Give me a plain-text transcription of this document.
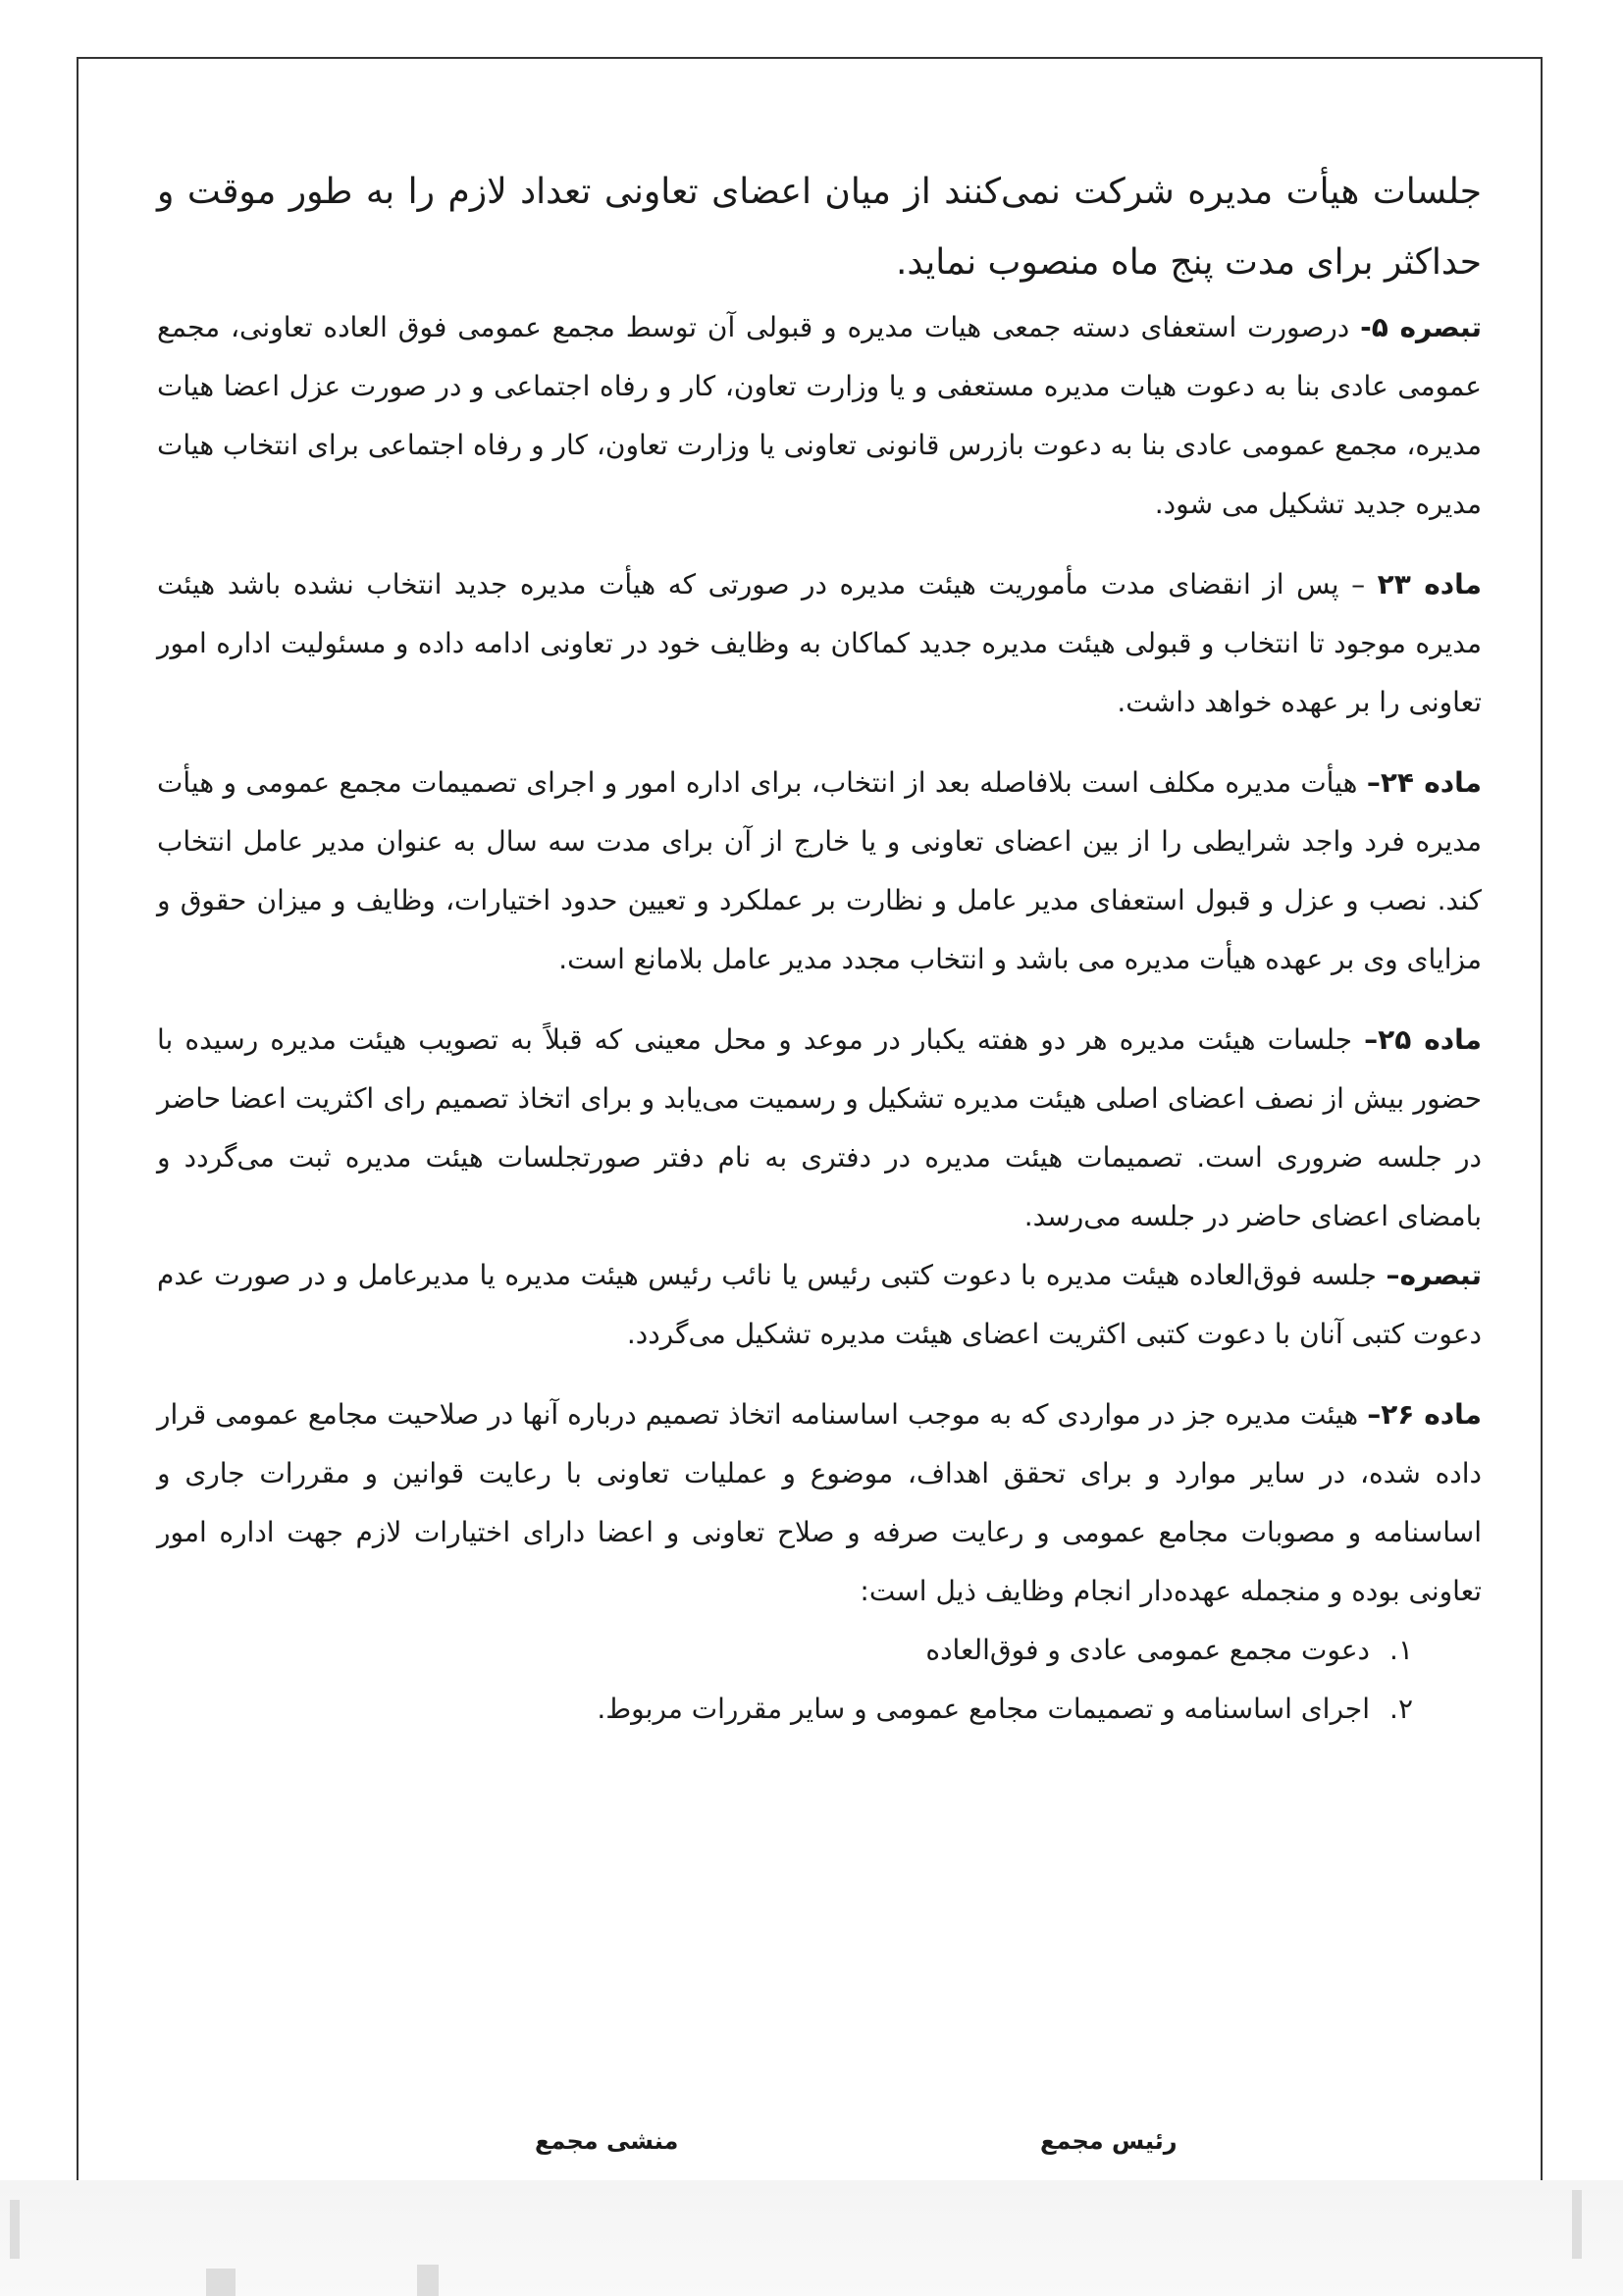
جلسات هیأت مدیره شرکت نمی‌کنند از میان اعضای تعاونی تعداد لازم را به طور موقت و حداکثر برای مدت پنج ماه منصوب نماید.

تبصره ۵- درصورت استعفای دسته جمعی هیات مدیره و قبولی آن توسط مجمع عمومی فوق العاده تعاونی، مجمع عمومی عادی بنا به دعوت هیات مدیره مستعفی و یا وزارت تعاون، کار و رفاه اجتماعی و در صورت عزل اعضا هیات مدیره، مجمع عمومی عادی بنا به دعوت بازرس قانونی تعاونی یا وزارت تعاون، کار و رفاه اجتماعی برای انتخاب هیات مدیره جدید تشکیل می شود.

ماده ۲۳ – پس از انقضای مدت مأموریت هیئت مدیره در صورتی که هیأت مدیره جدید انتخاب نشده باشد هیئت مدیره موجود تا انتخاب و قبولی هیئت مدیره جدید کماکان به وظایف خود در تعاونی ادامه داده و مسئولیت اداره امور تعاونی را بر عهده خواهد داشت.

ماده ۲۴– هیأت مدیره مکلف است بلافاصله بعد از انتخاب، برای اداره امور و اجرای تصمیمات مجمع عمومی و هیأت مدیره فرد واجد شرایطی را از بین اعضای تعاونی و یا خارج از آن برای مدت سه سال به عنوان مدیر عامل انتخاب کند. نصب و عزل و قبول استعفای مدیر عامل و نظارت بر عملکرد و تعیین حدود اختیارات، وظایف و میزان حقوق و مزایای وی بر عهده هیأت مدیره می باشد و انتخاب مجدد مدیر عامل بلامانع است.

ماده ۲۵– جلسات هیئت مدیره هر دو هفته یکبار در موعد و محل معینی که قبلاً به تصویب هیئت مدیره رسیده با حضور بیش از نصف اعضای اصلی هیئت مدیره تشکیل و رسمیت می‌یابد و برای اتخاذ تصمیم رای اکثریت اعضا حاضر در جلسه ضروری است. تصمیمات هیئت مدیره در دفتری به نام دفتر صورتجلسات هیئت مدیره ثبت می‌گردد و بامضای اعضای حاضر در جلسه می‌رسد.

تبصره– جلسه فوق‌العاده هیئت مدیره با دعوت کتبی رئیس یا نائب رئیس هیئت مدیره یا مدیرعامل و در صورت عدم دعوت کتبی آنان با دعوت کتبی اکثریت اعضای هیئت مدیره تشکیل می‌گردد.

ماده ۲۶– هیئت مدیره جز در مواردی که به موجب اساسنامه اتخاذ تصمیم درباره آنها در صلاحیت مجامع عمومی قرار داده شده، در سایر موارد و برای تحقق اهداف، موضوع و عملیات تعاونی با رعایت قوانین و مقررات جاری و اساسنامه و مصوبات مجامع عمومی و رعایت صرفه و صلاح تعاونی و اعضا دارای اختیارات لازم جهت اداره امور تعاونی بوده و منجمله عهده‌دار انجام وظایف ذیل است:

۱.دعوت مجمع عمومی عادی و فوق‌العاده
۲.اجرای اساسنامه و تصمیمات مجامع عمومی و سایر مقررات مربوط.
رئیس مجمع
منشی مجمع
